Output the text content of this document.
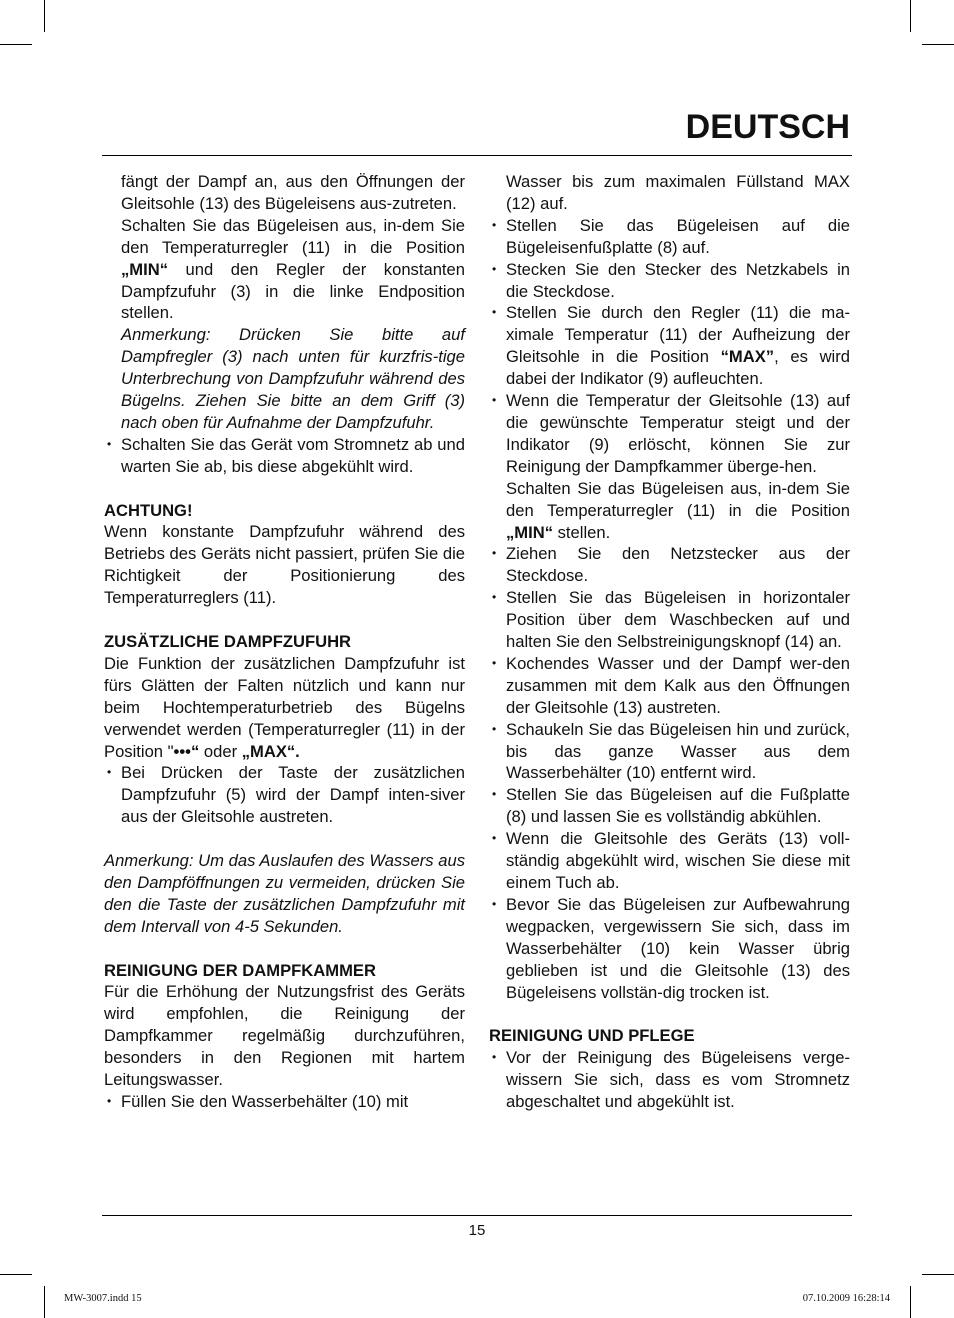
DEUTSCH

fängt der Dampf an, aus den Öffnungen der Gleitsohle (13) des Bügeleisens aus-zutreten.

Schalten Sie das Bügeleisen aus, in-dem Sie den Temperaturregler (11) in die Position „MIN“ und den Regler der konstanten Dampfzufuhr (3) in die linke Endposition stellen.

Anmerkung: Drücken Sie bitte auf Dampfregler (3) nach unten für kurzfris-tige Unterbrechung von Dampfzufuhr während des Bügelns. Ziehen Sie bitte an dem Griff (3) nach oben für Aufnahme der Dampfzufuhr.

• Schalten Sie das Gerät vom Stromnetz ab und warten Sie ab, bis diese abgekühlt wird.

ACHTUNG!

Wenn konstante Dampfzufuhr während des Betriebs des Geräts nicht passiert, prüfen Sie die Richtigkeit der Positionierung des Temperaturreglers (11).

ZUSÄTZLICHE DAMPFZUFUHR

Die Funktion der zusätzlichen Dampfzufuhr ist fürs Glätten der Falten nützlich und kann nur beim Hochtemperaturbetrieb des Bügelns verwendet werden (Temperaturregler (11) in der Position "•••“ oder „MAX“.

• Bei Drücken der Taste der zusätzlichen Dampfzufuhr (5) wird der Dampf inten-siver aus der Gleitsohle austreten.

Anmerkung: Um das Auslaufen des Wassers aus den Dampföffnungen zu vermeiden, drücken Sie den die Taste der zusätzlichen Dampfzufuhr mit dem Intervall von 4-5 Sekunden.

REINIGUNG DER DAMPFKAMMER

Für die Erhöhung der Nutzungsfrist des Geräts wird empfohlen, die Reinigung der Dampfkammer regelmäßig durchzuführen, besonders in den Regionen mit hartem Leitungswasser.

• Füllen Sie den Wasserbehälter (10) mit

Wasser bis zum maximalen Füllstand MAX (12) auf.

• Stellen Sie das Bügeleisen auf die Bügeleisenfußplatte (8) auf.

• Stecken Sie den Stecker des Netzkabels in die Steckdose.

• Stellen Sie durch den Regler (11) die ma-ximale Temperatur (11) der Aufheizung der Gleitsohle in die Position “MAX”, es wird dabei der Indikator (9) aufleuchten.

• Wenn die Temperatur der Gleitsohle (13) auf die gewünschte Temperatur steigt und der Indikator (9) erlöscht, können Sie zur Reinigung der Dampfkammer überge-hen.

Schalten Sie das Bügeleisen aus, in-dem Sie den Temperaturregler (11) in die Position „MIN“ stellen.

• Ziehen Sie den Netzstecker aus der Steckdose.

• Stellen Sie das Bügeleisen in horizontaler Position über dem Waschbecken auf und halten Sie den Selbstreinigungsknopf (14) an.

• Kochendes Wasser und der Dampf wer-den zusammen mit dem Kalk aus den Öffnungen der Gleitsohle (13) austreten.

• Schaukeln Sie das Bügeleisen hin und zurück, bis das ganze Wasser aus dem Wasserbehälter (10) entfernt wird.

• Stellen Sie das Bügeleisen auf die Fußplatte (8) und lassen Sie es vollständig abkühlen.

• Wenn die Gleitsohle des Geräts (13) voll-ständig abgekühlt wird, wischen Sie diese mit einem Tuch ab.

• Bevor Sie das Bügeleisen zur Aufbewahrung wegpacken, vergewissern Sie sich, dass im Wasserbehälter (10) kein Wasser übrig geblieben ist und die Gleitsohle (13) des Bügeleisens vollstän-dig trocken ist.

REINIGUNG UND PFLEGE

• Vor der Reinigung des Bügeleisens verge-wissern Sie sich, dass es vom Stromnetz abgeschaltet und abgekühlt ist.

15
MW-3007.indd 15	07.10.2009 16:28:14
